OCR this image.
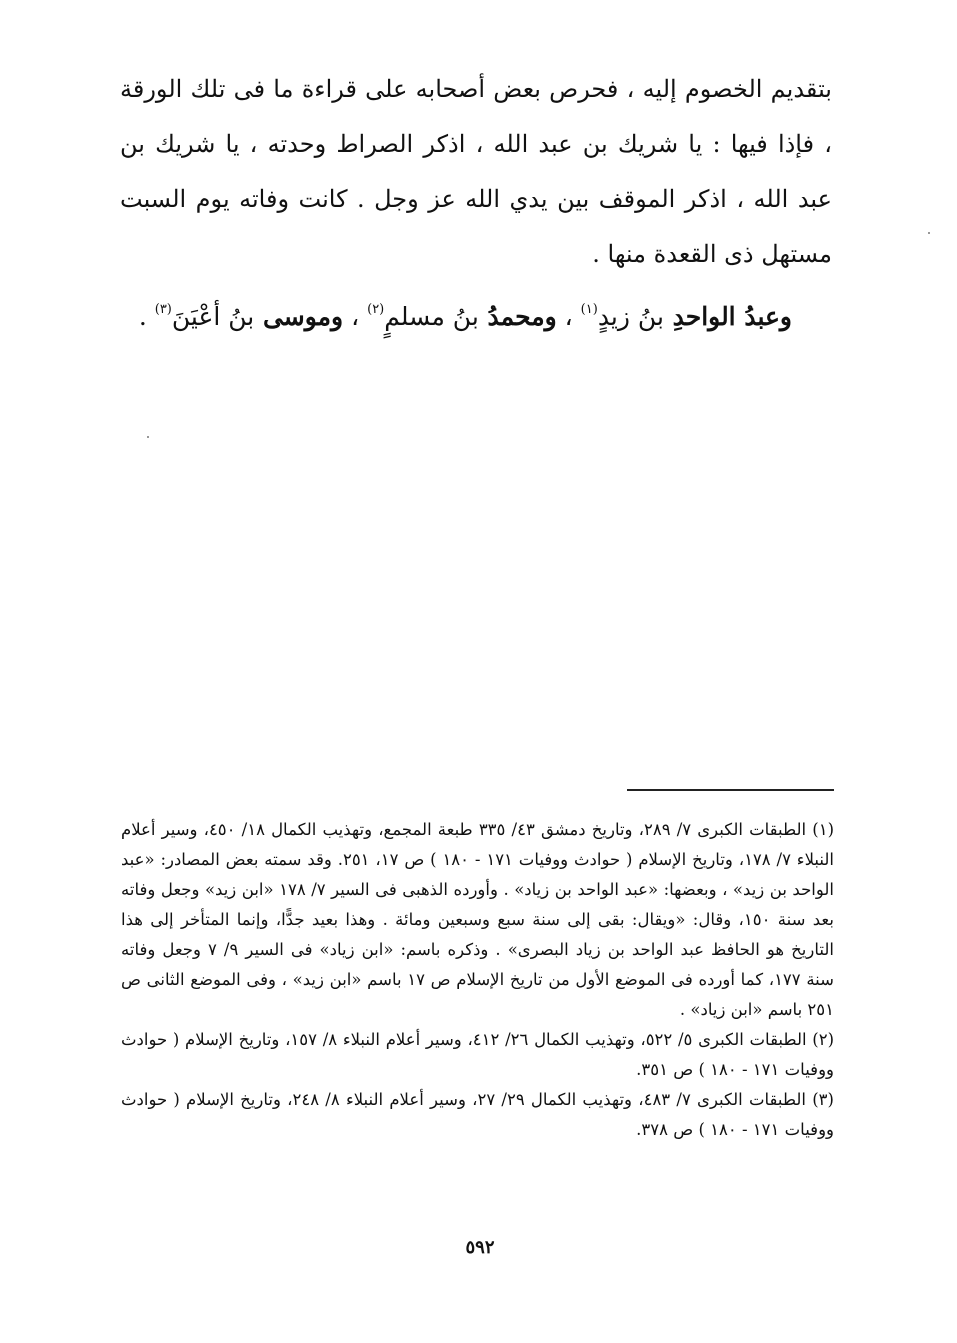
بتقديم الخصوم إليه ، فحرص بعض أصحابه على قراءة ما فى تلك الورقة ، فإذا فيها : يا شريك بن عبد الله ، اذكر الصراط وحدته ، يا شريك بن عبد الله ، اذكر الموقف بين يدي الله عز وجل . كانت وفاته يوم السبت مستهل ذى القعدة منها .

وعبدُ الواحدِ بنُ زيدٍ$^{(١)}$ ، ومحمدُ بنُ مسلمٍ$^{(٢)}$ ، وموسى بنُ أعْيَنَ$^{(٣)}$ .

(١) الطبقات الكبرى ٧/ ٢٨٩، وتاريخ دمشق ٤٣/ ٣٣٥ طبعة المجمع، وتهذيب الكمال ١٨/ ٤٥٠، وسير أعلام النبلاء ٧/ ١٧٨، وتاريخ الإسلام ( حوادث ووفيات ١٧١ - ١٨٠ ) ص ١٧، ٢٥١. وقد سمته بعض المصادر: «عبد الواحد بن زيد» ، وبعضها: «عبد الواحد بن زياد» . وأورده الذهبى فى السير ٧/ ١٧٨ «ابن زيد» وجعل وفاته بعد سنة ١٥٠، وقال: «ويقال: بقى إلى سنة سبع وسبعين ومائة . وهذا بعيد جدًّا، وإنما المتأخر إلى هذا التاريخ هو الحافظ عبد الواحد بن زياد البصرى» . وذكره باسم: «ابن زياد» فى السير ٩/ ٧ وجعل وفاته سنة ١٧٧، كما أورده فى الموضع الأول من تاريخ الإسلام ص ١٧ باسم «ابن زيد» ، وفى الموضع الثانى ص ٢٥١ باسم «ابن زياد» .

(٢) الطبقات الكبرى ٥/ ٥٢٢، وتهذيب الكمال ٢٦/ ٤١٢، وسير أعلام النبلاء ٨/ ١٥٧، وتاريخ الإسلام ( حوادث ووفيات ١٧١ - ١٨٠ ) ص ٣٥١.

(٣) الطبقات الكبرى ٧/ ٤٨٣، وتهذيب الكمال ٢٩/ ٢٧، وسير أعلام النبلاء ٨/ ٢٤٨، وتاريخ الإسلام ( حوادث ووفيات ١٧١ - ١٨٠ ) ص ٣٧٨.

٥٩٢
